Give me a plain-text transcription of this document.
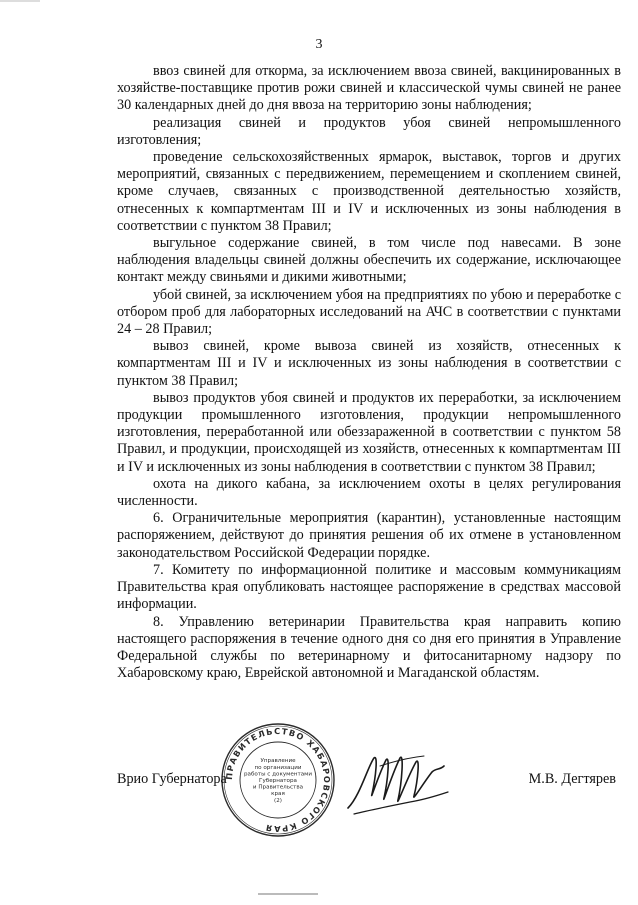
3

ввоз свиней для откорма, за исключением ввоза свиней, вакцинированных в хозяйстве-поставщике против рожи свиней и классической чумы свиней не ранее 30 календарных дней до дня ввоза на территорию зоны наблюдения;

реализация свиней и продуктов убоя свиней непромышленного изготовления;

проведение сельскохозяйственных ярмарок, выставок, торгов и других мероприятий, связанных с передвижением, перемещением и скоплением свиней, кроме случаев, связанных с производственной деятельностью хозяйств, отнесенных к компартментам III и IV и исключенных из зоны наблюдения в соответствии с пунктом 38 Правил;

выгульное содержание свиней, в том числе под навесами. В зоне наблюдения владельцы свиней должны обеспечить их содержание, исключающее контакт между свиньями и дикими животными;

убой свиней, за исключением убоя на предприятиях по убою и переработке с отбором проб для лабораторных исследований на АЧС в соответствии с пунктами 24 – 28 Правил;

вывоз свиней, кроме вывоза свиней из хозяйств, отнесенных к компартментам III и IV и исключенных из зоны наблюдения в соответствии с пунктом 38 Правил;

вывоз продуктов убоя свиней и продуктов их переработки, за исключением продукции промышленного изготовления, продукции непромышленного изготовления, переработанной или обеззараженной в соответствии с пунктом 58 Правил, и продукции, происходящей из хозяйств, отнесенных к компартментам III и IV и исключенных из зоны наблюдения в соответствии с пунктом 38 Правил;

охота на дикого кабана, за исключением охоты в целях регулирования численности.

6. Ограничительные мероприятия (карантин), установленные настоящим распоряжением, действуют до принятия решения об их отмене в установленном законодательством Российской Федерации порядке.

7. Комитету по информационной политике и массовым коммуникациям Правительства края опубликовать настоящее распоряжение в средствах массовой информации.

8. Управлению ветеринарии Правительства края направить копию настоящего распоряжения в течение одного дня со дня его принятия в Управление Федеральной службы по ветеринарному и фитосанитарному надзору по Хабаровскому краю, Еврейской автономной и Магаданской областям.

ПРАВИТЕЛЬСТВО ХАБАРОВСКОГО КРАЯ
Управление
по организации
работы с документами
Губернатора
и Правительства
края
(2)
Врио Губернатора	М.В. Дегтярев
